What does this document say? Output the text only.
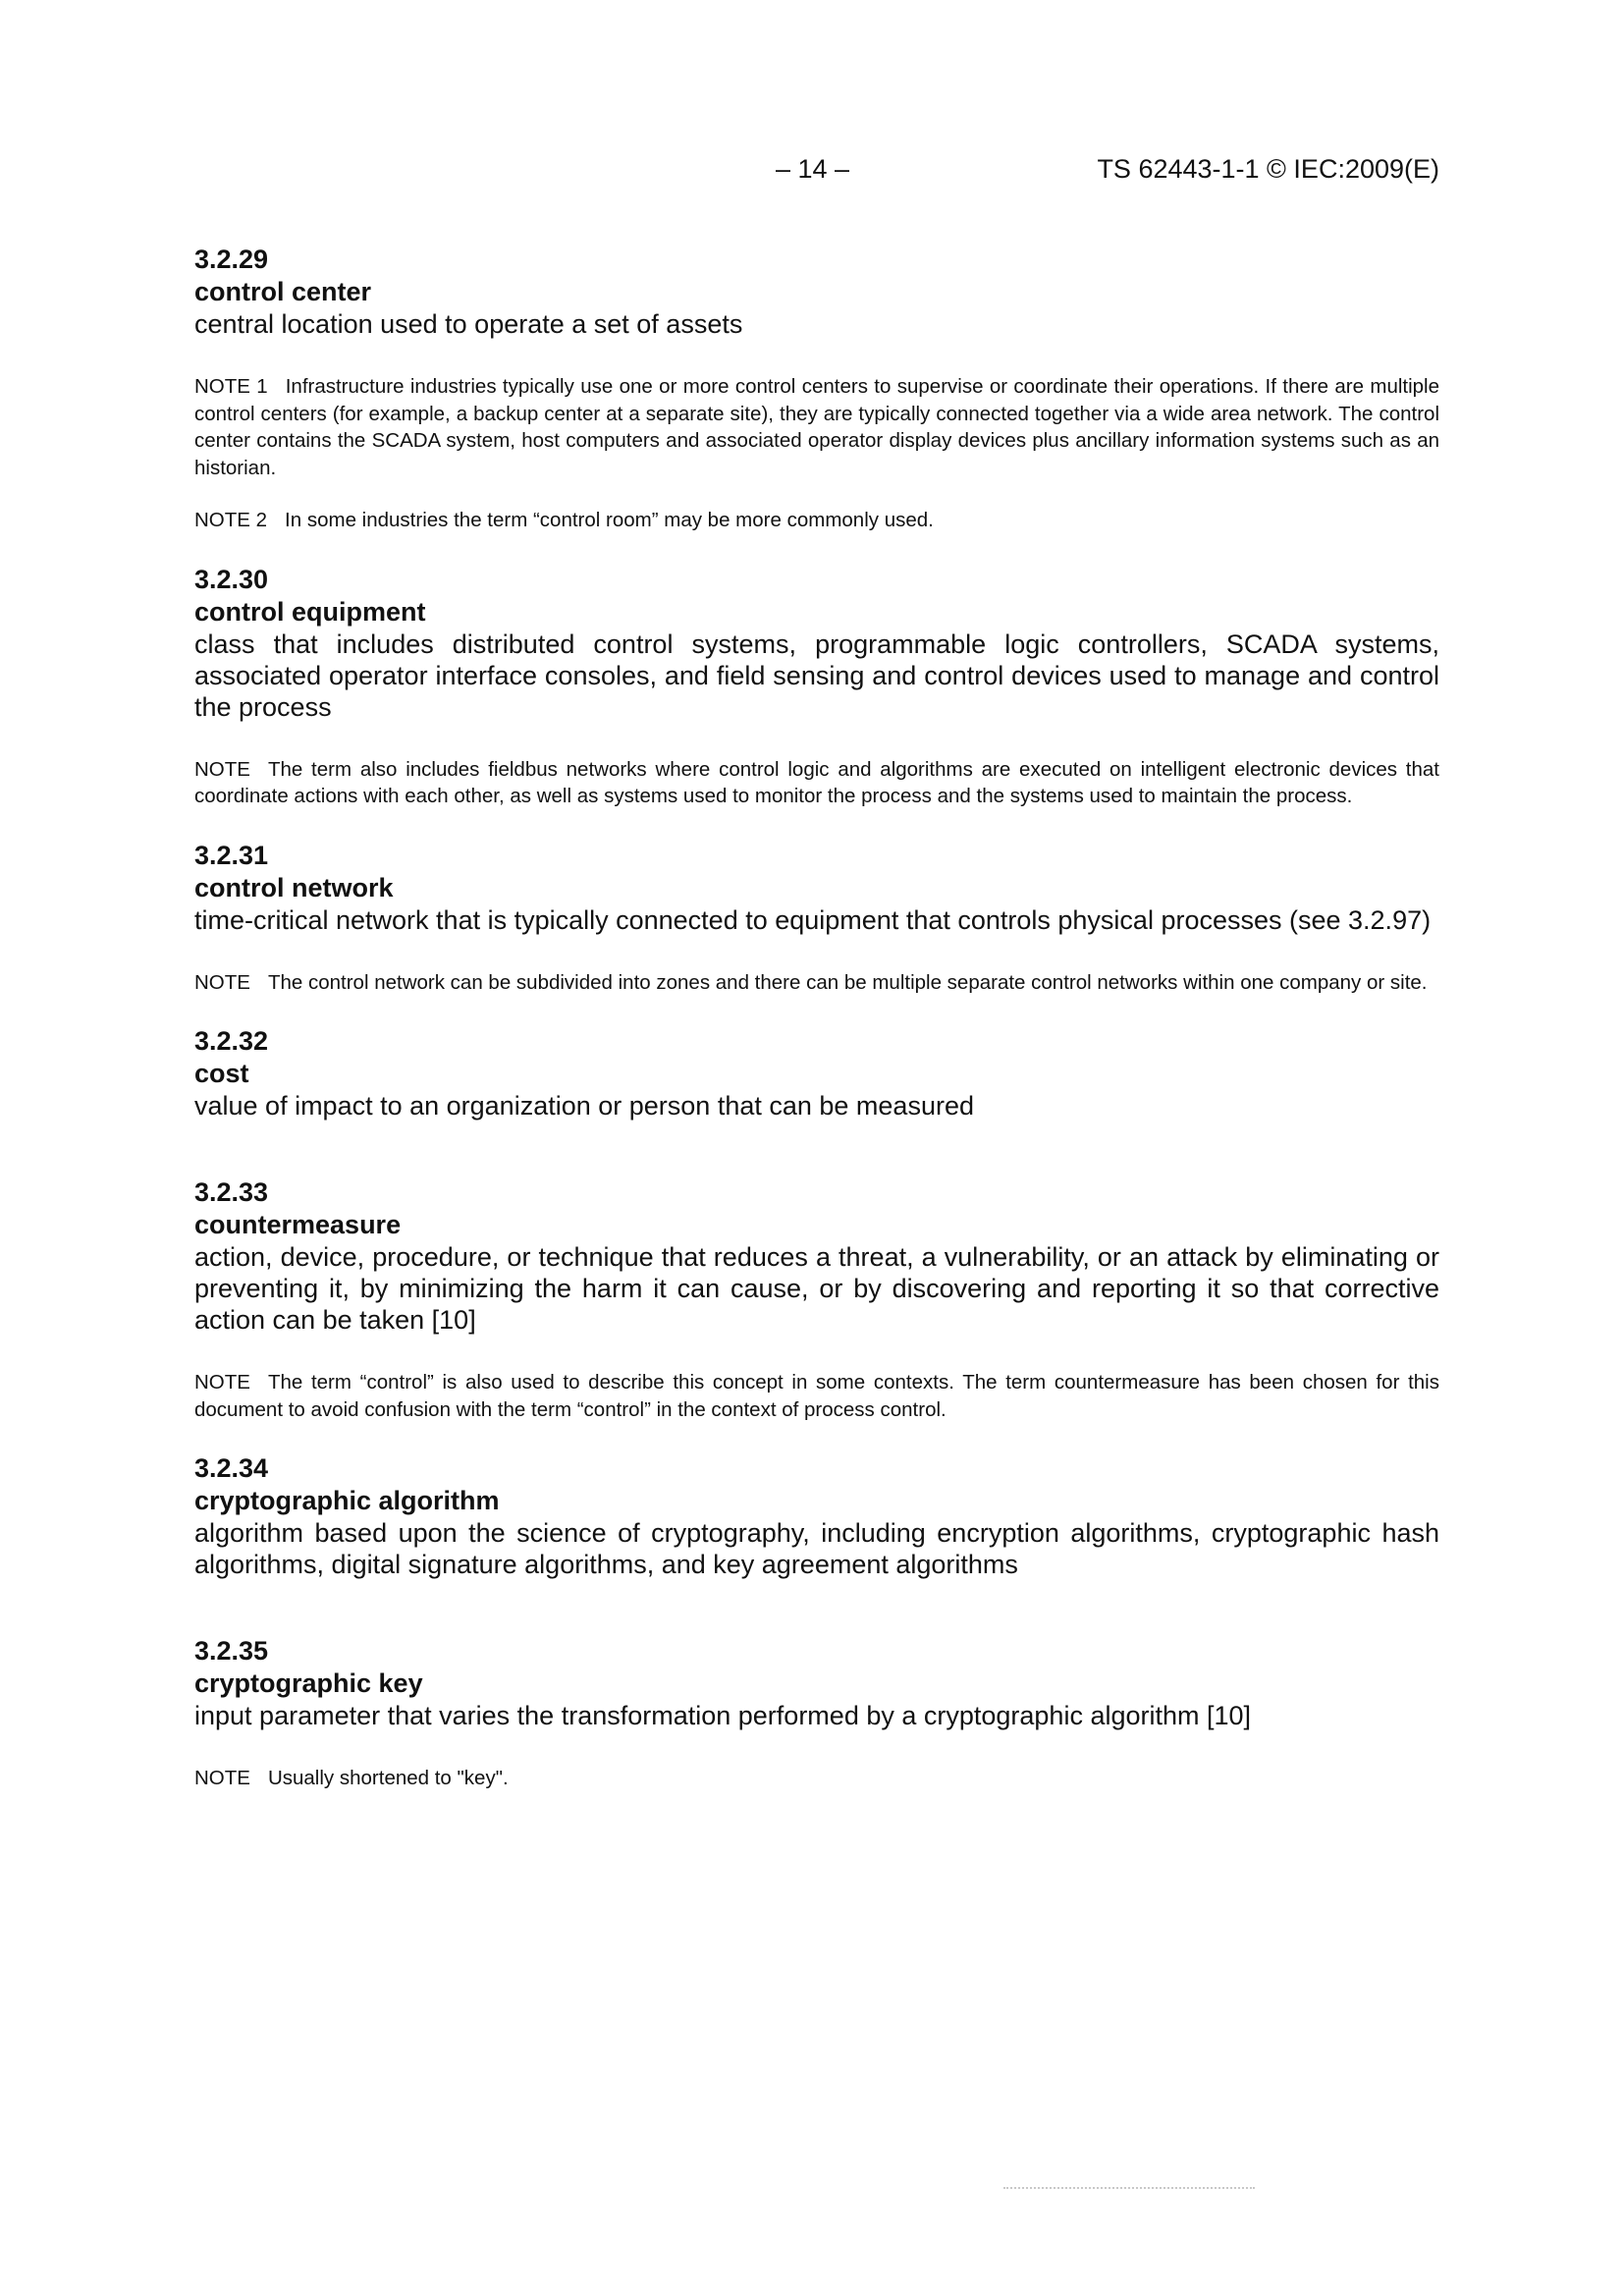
– 14 –	TS 62443-1-1 © IEC:2009(E)
3.2.29
control center
central location used to operate a set of assets
NOTE 1 Infrastructure industries typically use one or more control centers to supervise or coordinate their operations. If there are multiple control centers (for example, a backup center at a separate site), they are typically connected together via a wide area network. The control center contains the SCADA system, host computers and associated operator display devices plus ancillary information systems such as an historian.
NOTE 2 In some industries the term “control room” may be more commonly used.
3.2.30
control equipment
class that includes distributed control systems, programmable logic controllers, SCADA systems, associated operator interface consoles, and field sensing and control devices used to manage and control the process
NOTE The term also includes fieldbus networks where control logic and algorithms are executed on intelligent electronic devices that coordinate actions with each other, as well as systems used to monitor the process and the systems used to maintain the process.
3.2.31
control network
time-critical network that is typically connected to equipment that controls physical processes (see 3.2.97)
NOTE The control network can be subdivided into zones and there can be multiple separate control networks within one company or site.
3.2.32
cost
value of impact to an organization or person that can be measured
3.2.33
countermeasure
action, device, procedure, or technique that reduces a threat, a vulnerability, or an attack by eliminating or preventing it, by minimizing the harm it can cause, or by discovering and reporting it so that corrective action can be taken [10]
NOTE The term “control” is also used to describe this concept in some contexts. The term countermeasure has been chosen for this document to avoid confusion with the term “control” in the context of process control.
3.2.34
cryptographic algorithm
algorithm based upon the science of cryptography, including encryption algorithms, cryptographic hash algorithms, digital signature algorithms, and key agreement algorithms
3.2.35
cryptographic key
input parameter that varies the transformation performed by a cryptographic algorithm [10]
NOTE Usually shortened to "key".
